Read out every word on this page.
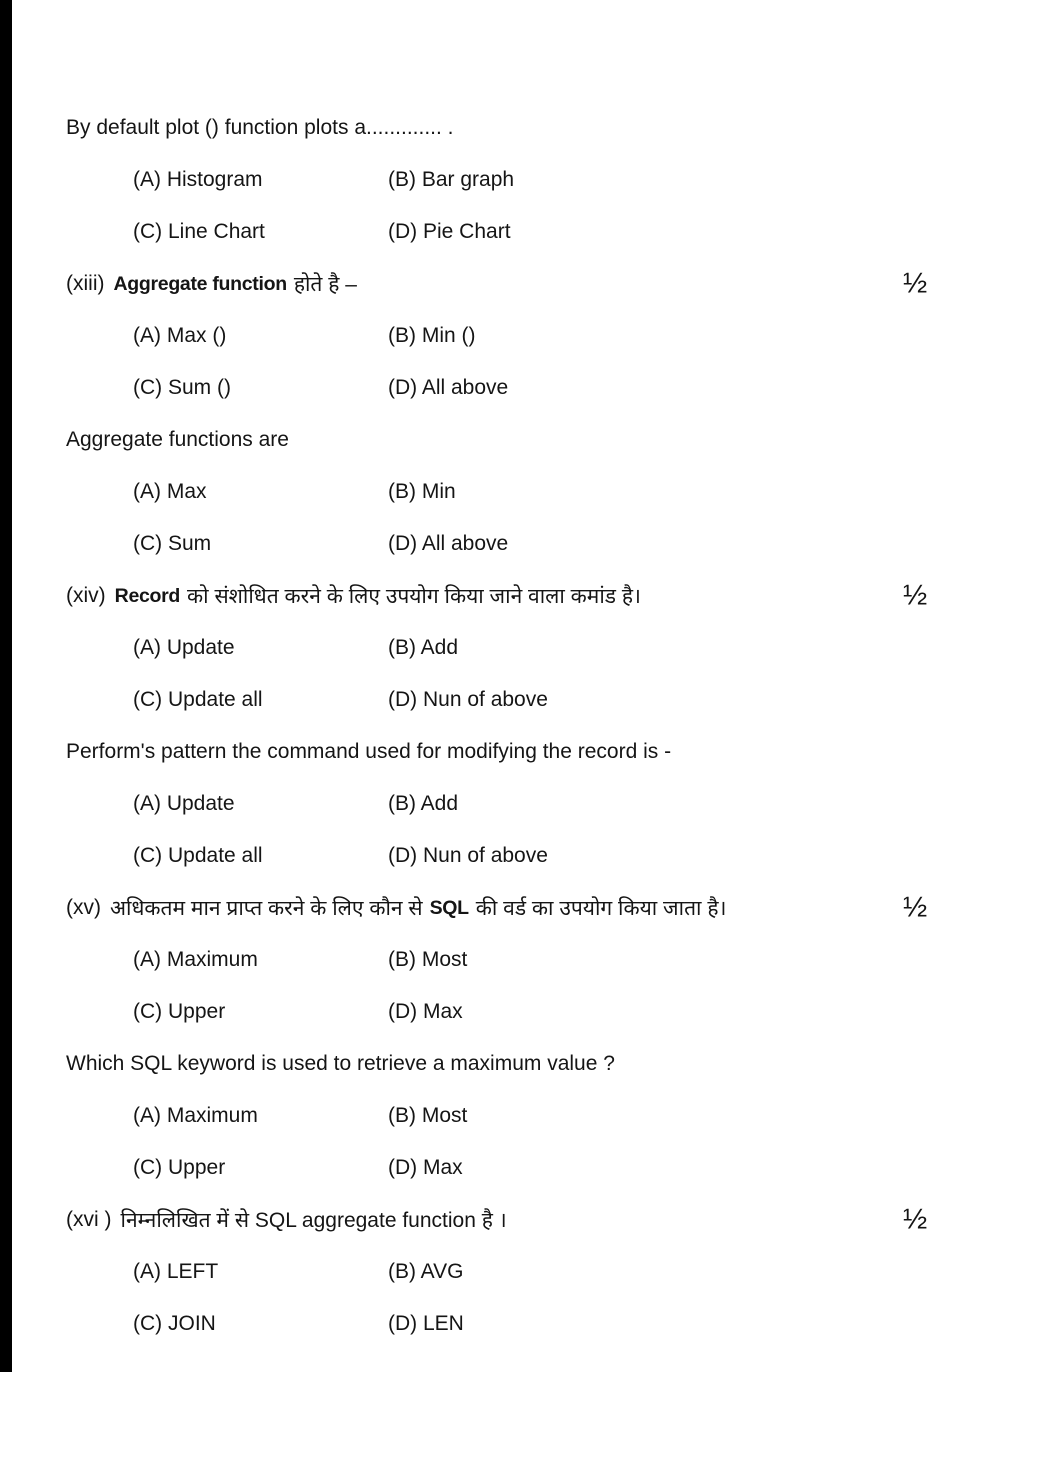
By default plot () function plots a............. .
(A) Histogram	(B) Bar graph
(C) Line Chart	(D) Pie Chart
(xiii) Aggregate function होते है –	½
(A) Max ()	(B) Min ()
(C) Sum ()	(D) All above
Aggregate functions are
(A) Max	(B) Min
(C) Sum	(D) All above
(xiv) Record को संशोधित करने के लिए उपयोग किया जाने वाला कमांड है।	½
(A) Update	(B) Add
(C) Update all	(D) Nun of above
Perform's pattern the command used for modifying the record is -
(A) Update	(B) Add
(C) Update all	(D) Nun of above
(xv) अधिकतम मान प्राप्त करने के लिए कौन से SQL की वर्ड का उपयोग किया जाता है।	½
(A) Maximum	(B) Most
(C) Upper	(D) Max
Which SQL keyword is used to retrieve a maximum value ?
(A) Maximum	(B) Most
(C) Upper	(D) Max
(xvi ) निम्नलिखित में से SQL aggregate function है ।	½
(A) LEFT	(B) AVG
(C) JOIN	(D) LEN
